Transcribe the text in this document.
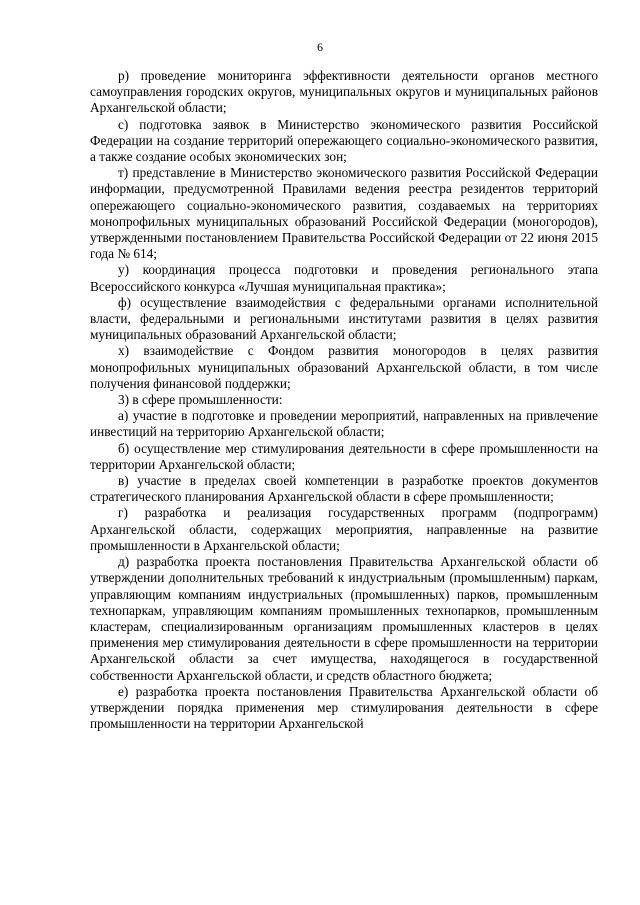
6

р) проведение мониторинга эффективности деятельности органов местного самоуправления городских округов, муниципальных округов и муниципальных районов Архангельской области;

с) подготовка заявок в Министерство экономического развития Российской Федерации на создание территорий опережающего социально-экономического развития, а также создание особых экономических зон;

т) представление в Министерство экономического развития Российской Федерации информации, предусмотренной Правилами ведения реестра резидентов территорий опережающего социально-экономического развития, создаваемых на территориях монопрофильных муниципальных образований Российской Федерации (моногородов), утвержденными постановлением Правительства Российской Федерации от 22 июня 2015 года № 614;

у) координация процесса подготовки и проведения регионального этапа Всероссийского конкурса «Лучшая муниципальная практика»;

ф) осуществление взаимодействия с федеральными органами исполнительной власти, федеральными и региональными институтами развития в целях развития муниципальных образований Архангельской области;

х) взаимодействие с Фондом развития моногородов в целях развития монопрофильных муниципальных образований Архангельской области, в том числе получения финансовой поддержки;

3) в сфере промышленности:

а) участие в подготовке и проведении мероприятий, направленных на привлечение инвестиций на территорию Архангельской области;

б) осуществление мер стимулирования деятельности в сфере промышленности на территории Архангельской области;

в) участие в пределах своей компетенции в разработке проектов документов стратегического планирования Архангельской области в сфере промышленности;

г) разработка и реализация государственных программ (подпрограмм) Архангельской области, содержащих мероприятия, направленные на развитие промышленности в Архангельской области;

д) разработка проекта постановления Правительства Архангельской области об утверждении дополнительных требований к индустриальным (промышленным) паркам, управляющим компаниям индустриальных (промышленных) парков, промышленным технопаркам, управляющим компаниям промышленных технопарков, промышленным кластерам, специализированным организациям промышленных кластеров в целях применения мер стимулирования деятельности в сфере промышленности на территории Архангельской области за счет имущества, находящегося в государственной собственности Архангельской области, и средств областного бюджета;

е) разработка проекта постановления Правительства Архангельской области об утверждении порядка применения мер стимулирования деятельности в сфере промышленности на территории Архангельской
